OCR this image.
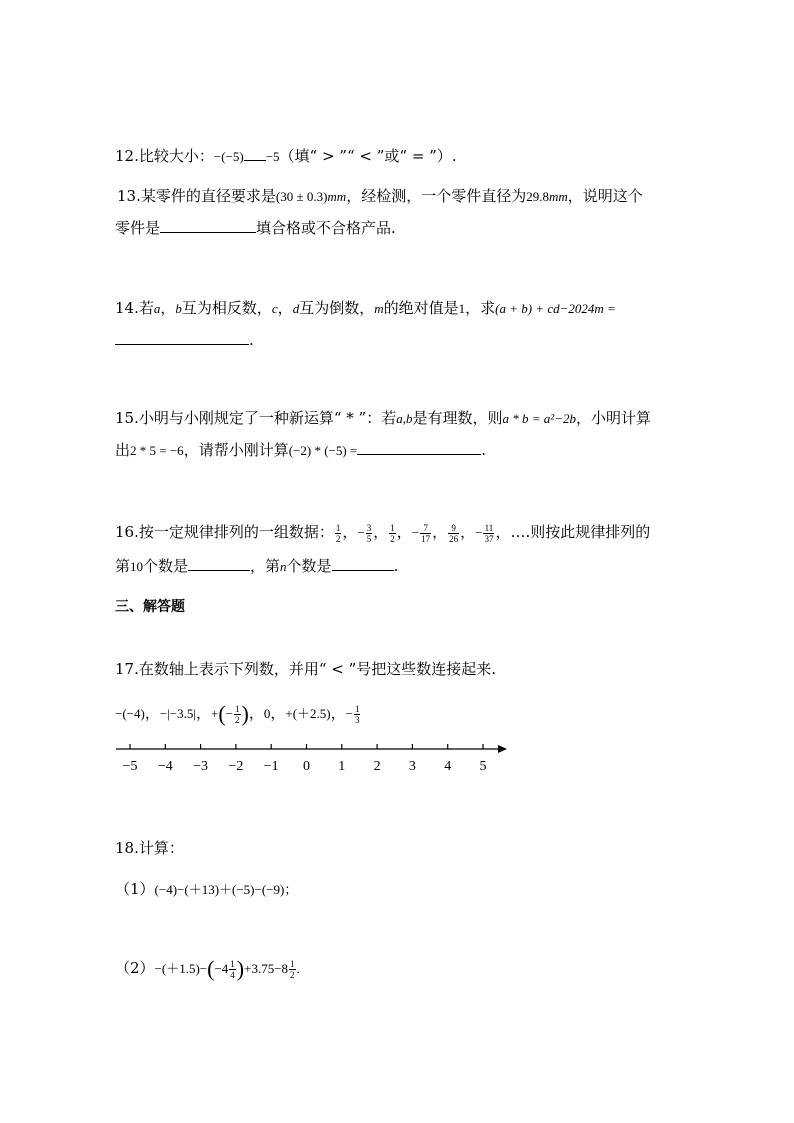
12.比较大小：−(−5) −5（填“ > ”“ < ”或“ = ”）.
13.某零件的直径要求是(30 ± 0.3)mm，经检测，一个零件直径为29.8mm，说明这个
零件是	填合格或不合格产品.
14.若a，b互为相反数，c，d互为倒数，m的绝对值是1，求(a + b) + cd−2024m =
.
15.小明与小刚规定了一种新运算“ * ”：若a,b是有理数，则a * b = a²−2b，小明计算
出2 * 5 = −6，请帮小刚计算(−2) * (−5) =	.
16.按一定规律排列的一组数据： $\frac{1}{2}$ ，− $\frac{3}{5}$ ， $\frac{1}{2}$ ，− $\frac{7}{17}$ ， $\frac{9}{26}$ ，− $\frac{11}{37}$ ，….则按此规律排列的
第10个数是	，第n个数是	.
三、解答题
17.在数轴上表示下列数，并用“ < ”号把这些数连接起来.
−(−4)，−|−3.5|，+(− $\frac{1}{2}$ )，0，+(＋2.5)，− $\frac{1}{3}$
−5 −4 −3 −2 −1 0 1 2 3 4 5
18.计算：
（1）(−4)−(＋13)＋(−5)−(−9)；
$(2)-(+1.5)-(-4 \frac{1}{4} )+3.75-8 \frac{1}{2}$ .
